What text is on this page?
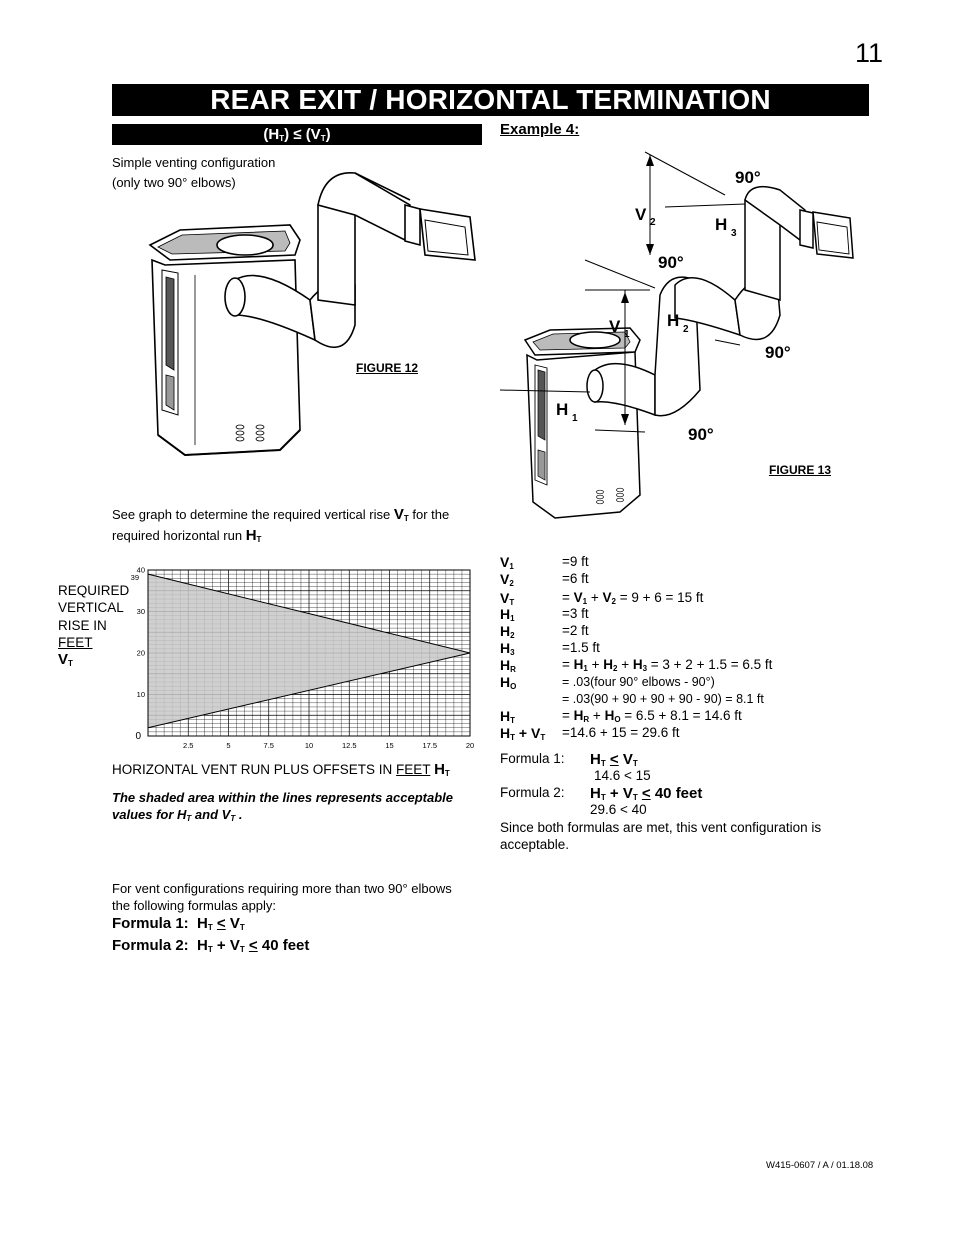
11
REAR EXIT / HORIZONTAL TERMINATION
$(H_T) \le (V_T)$	Example 4:
Simple venting configuration
(only two 90° elbows)
FIGURE 12
See graph to determine the required vertical rise $V_T$ for the
required horizontal run $H_T$
REQUIRED
VERTICAL
RISE IN
FEET
$V_T$
2.5	5	7.5	10	12.5	15	17.5	20
0
10
20
30
40
39
HORIZONTAL VENT RUN PLUS OFFSETS IN FEET $H_T$
The shaded area within the lines represents acceptable
values for $H_T$ and $V_T$ .
For vent configurations requiring more than two 90° elbows
the following formulas apply:
Formula 1:  $H_T < V_T$
Formula 2:  $H_T + V_T < 40$ feet
V 2	H 3
V 1
H 2
H 1
90°
90°
90°
90°
FIGURE 13
$V_1$	=9 ft
$V_2$	=6 ft
$V_T$	= $V_1 + V_2 = 9 + 6 = 15$ ft
$H_1$	=3 ft
$H_2$	=2 ft
$H_3$	=1.5 ft
$H_R$	= $H_1 + H_2 + H_3 = 3 + 2 + 1.5 = 6.5$ ft
$H_O$	= .03(four 90° elbows - 90°)
= .03(90 + 90 + 90 + 90 - 90) = 8.1 ft
$H_T$	= $H_R + H_O = 6.5 + 8.1 = 14.6$ ft
$H_T + V_T =14.6 + 15 = 29.6$ ft
Formula 1: $H_T < V_T$
14.6 < 15
Formula 2: $H_T + V_T < 40$ feet
29.6 < 40
Since both formulas are met, this vent configuration is
acceptable.
W415-0607 / A / 01.18.08
